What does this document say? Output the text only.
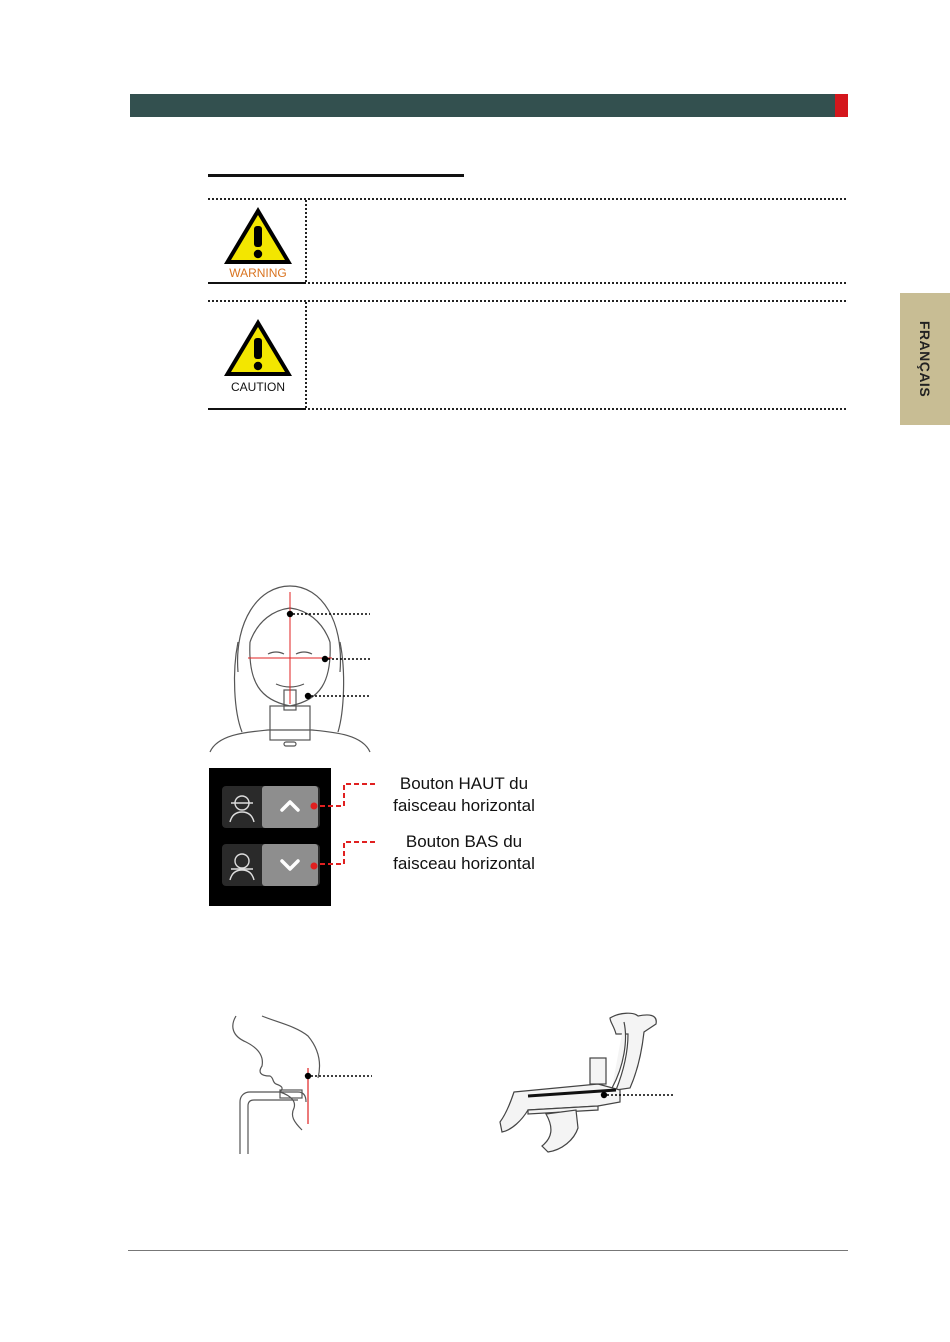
FRANÇAIS
WARNING
CAUTION
Bouton HAUT du
faisceau horizontal
Bouton BAS du
faisceau horizontal
